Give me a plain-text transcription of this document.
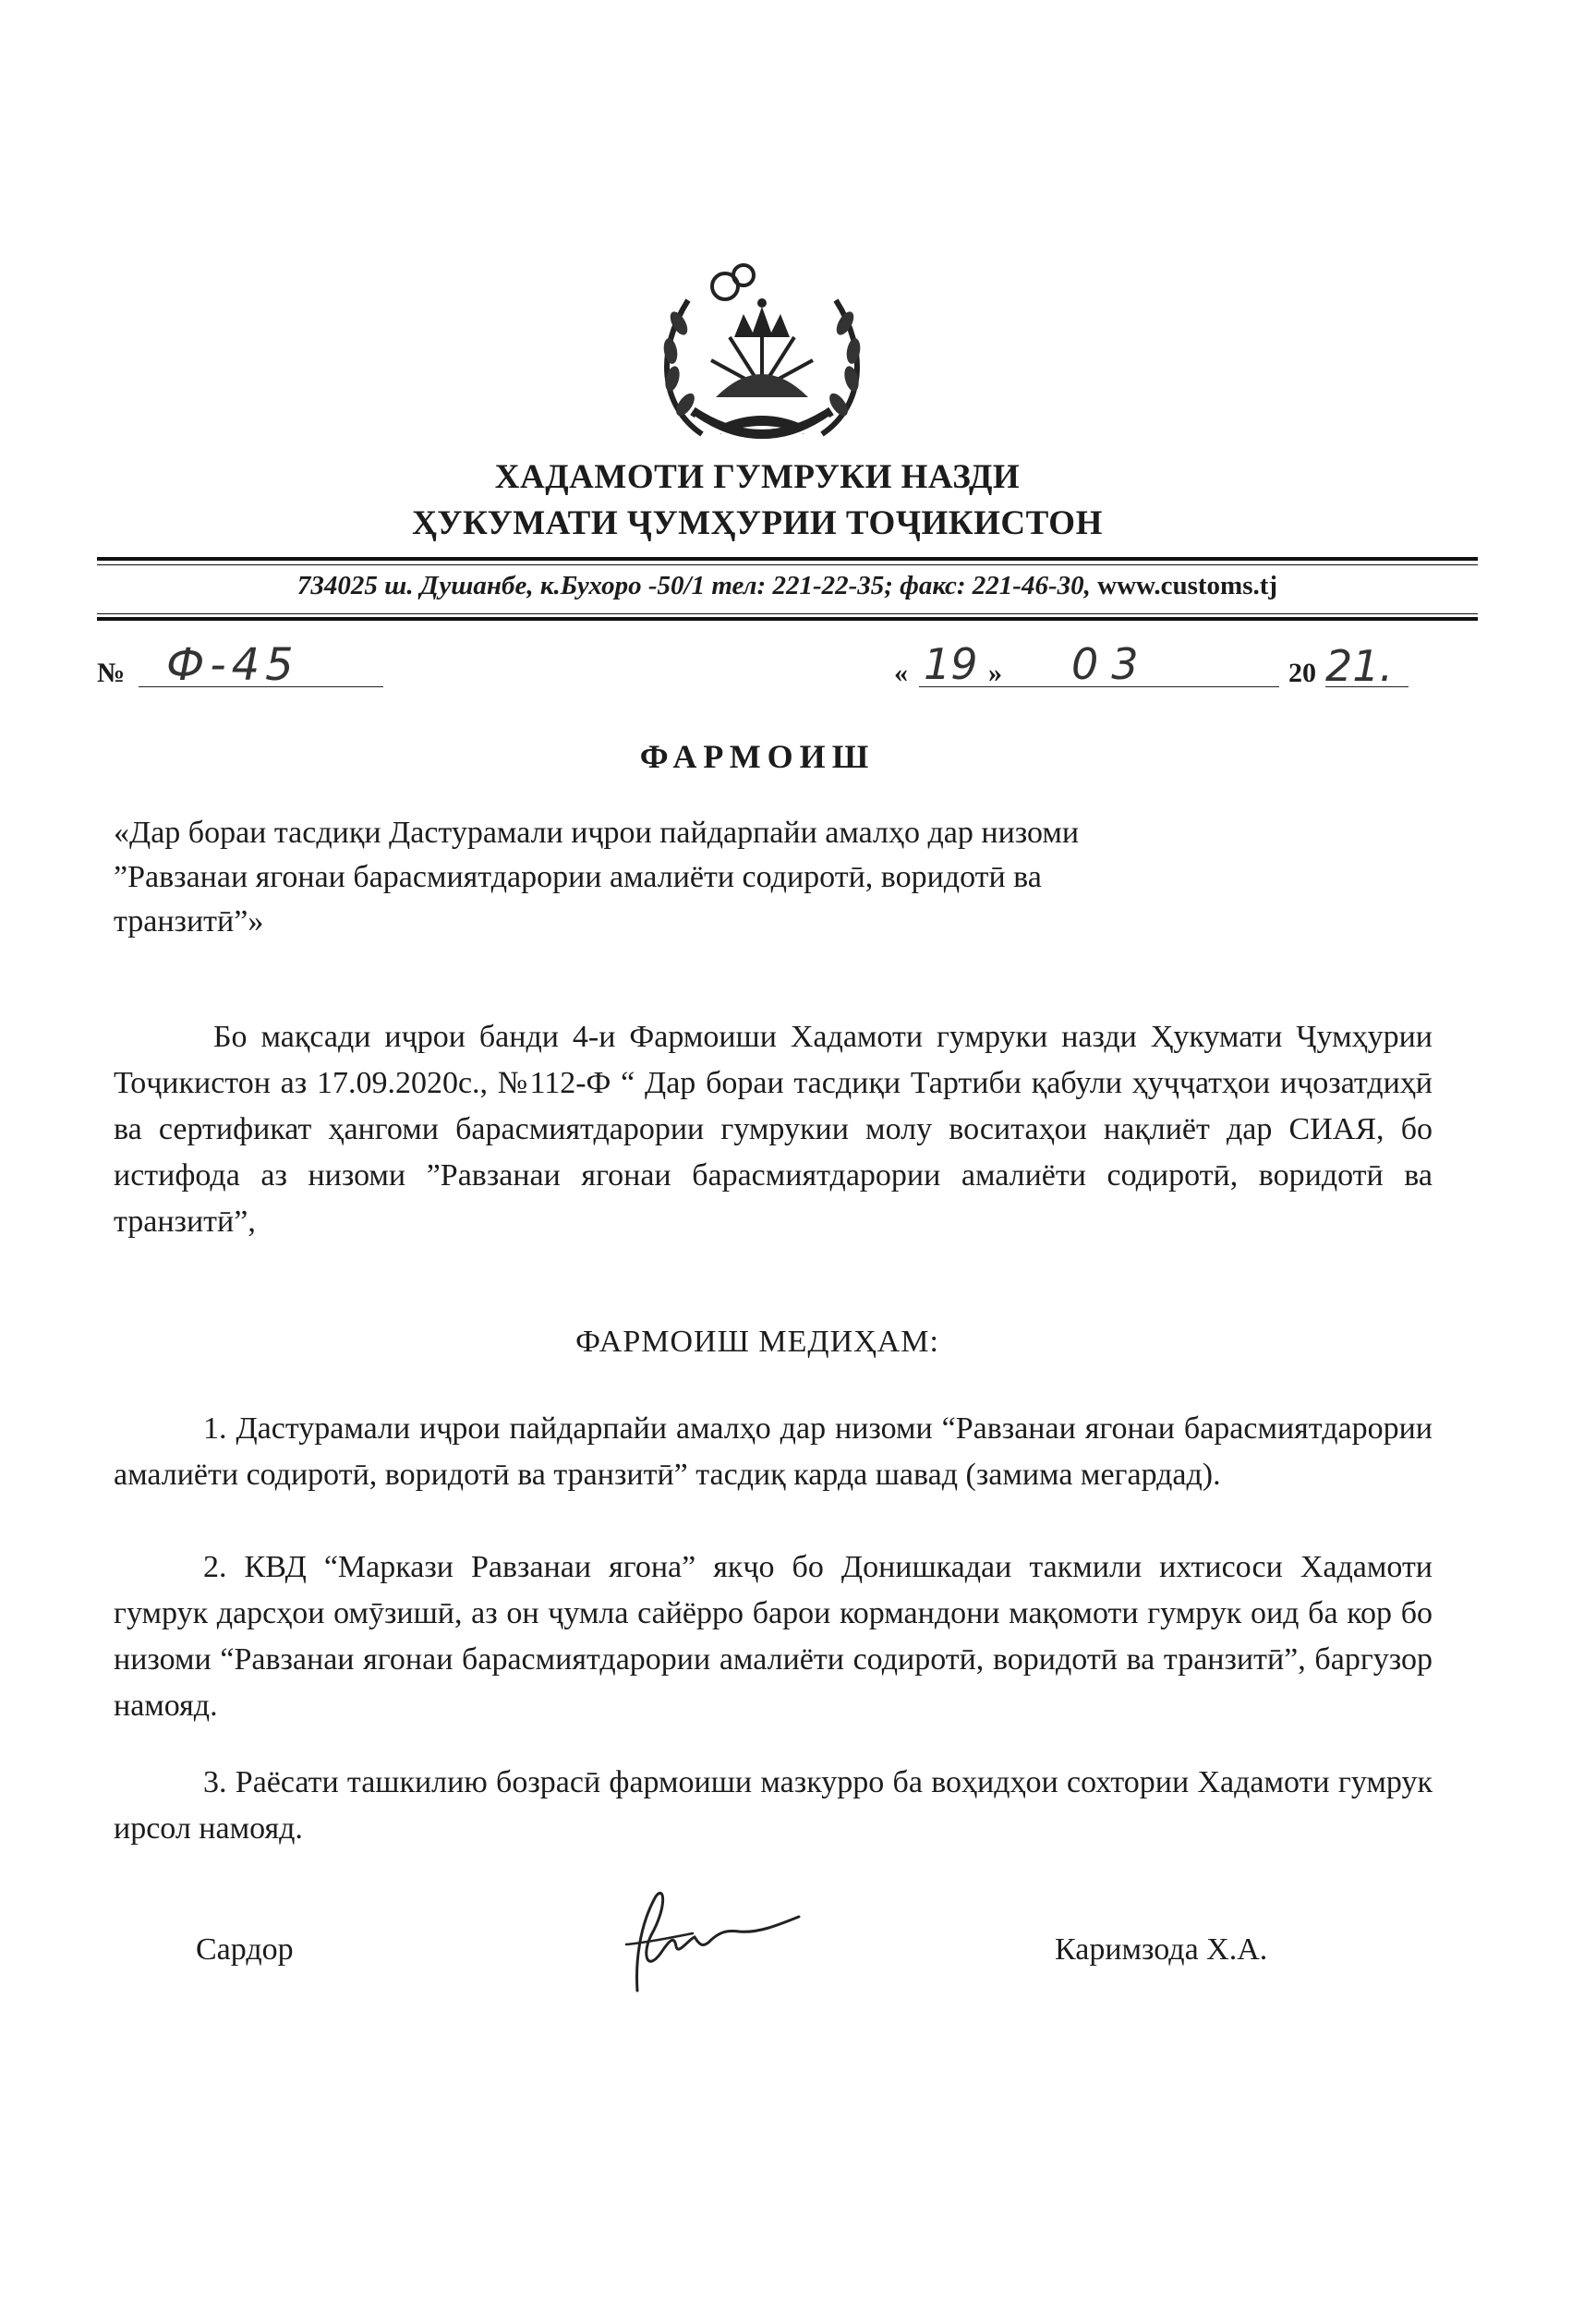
ХАДАМОТИ ГУМРУКИ НАЗДИ
ҲУКУМАТИ ҶУМҲУРИИ ТОҶИКИСТОН
734025 ш. Душанбе, к.Бухоро -50/1 тел: 221-22-35; факс: 221-46-30, www.customs.tj
№ Ф-45	« 19 » 03	20 21.
ФАРМОИШ
«Дар бораи тасдиқи Дастурамали иҷрои пайдарпайи амалҳо дар низоми ”Равзанаи ягонаи барасмиятдарории амалиёти содиротӣ, воридотӣ ва транзитӣ”»
Бо мақсади иҷрои банди 4-и Фармоиши Хадамоти гумруки назди Ҳукумати Ҷумҳурии Тоҷикистон аз 17.09.2020с., №112-Ф “ Дар бораи тасдиқи Тартиби қабули ҳуҷҷатҳои иҷозатдиҳӣ ва сертификат ҳангоми барасмиятдарории гумрукии молу воситаҳои нақлиёт дар СИАЯ, бо истифода аз низоми ”Равзанаи ягонаи барасмиятдарории амалиёти содиротӣ, воридотӣ ва транзитӣ”,
ФАРМОИШ МЕДИҲАМ:
1. Дастурамали иҷрои пайдарпайи амалҳо дар низоми “Равзанаи ягонаи барасмиятдарории амалиёти содиротӣ, воридотӣ ва транзитӣ” тасдиқ карда шавад (замима мегардад).
2. КВД “Маркази Равзанаи ягона” якҷо бо Донишкадаи такмили ихтисоси Хадамоти гумрук дарсҳои омӯзишӣ, аз он ҷумла сайёрро барои кормандони мақомоти гумрук оид ба кор бо низоми “Равзанаи ягонаи барасмиятдарории амалиёти содиротӣ, воридотӣ ва транзитӣ”, баргузор намояд.
3. Раёсати ташкилию бозрасӣ фармоиши мазкурро ба воҳидҳои сохтории Хадамоти гумрук ирсол намояд.
Сардор	Каримзода Х.А.
